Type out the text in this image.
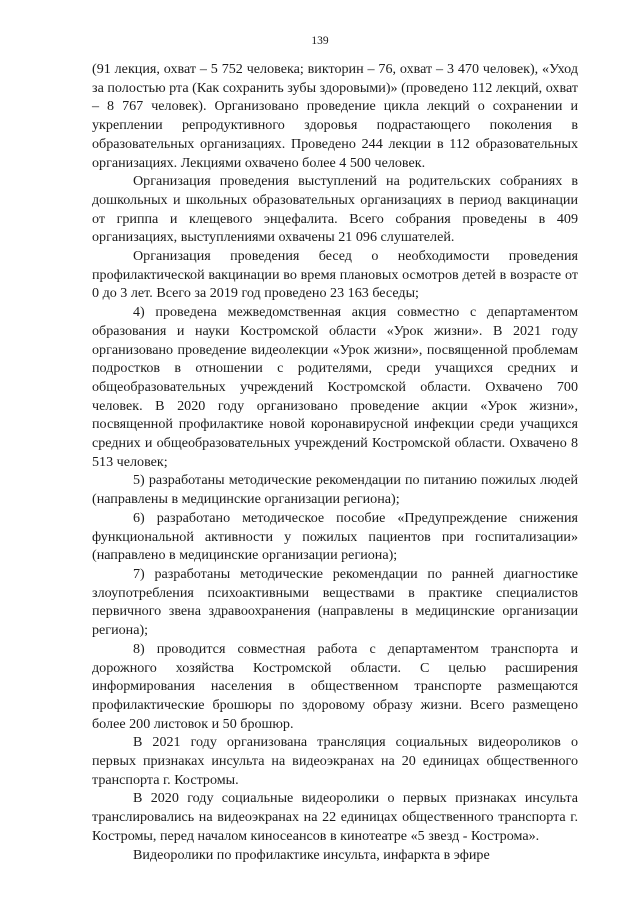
139

(91 лекция, охват – 5 752 человека; викторин – 76, охват – 3 470 человек), «Уход за полостью рта (Как сохранить зубы здоровыми)» (проведено 112 лекций, охват – 8 767 человек). Организовано проведение цикла лекций о сохранении и укреплении репродуктивного здоровья подрастающего поколения в образовательных организациях. Проведено 244 лекции в 112 образовательных организациях. Лекциями охвачено более 4 500 человек.

Организация проведения выступлений на родительских собраниях в дошкольных и школьных образовательных организациях в период вакцинации от гриппа и клещевого энцефалита. Всего собрания проведены в 409 организациях, выступлениями охвачены 21 096 слушателей.

Организация проведения бесед о необходимости проведения профилактической вакцинации во время плановых осмотров детей в возрасте от 0 до 3 лет. Всего за 2019 год проведено 23 163 беседы;

4) проведена межведомственная акция совместно с департаментом образования и науки Костромской области «Урок жизни». В 2021 году организовано проведение видеолекции «Урок жизни», посвященной проблемам подростков в отношении с родителями, среди учащихся средних и общеобразовательных учреждений Костромской области. Охвачено 700 человек. В 2020 году организовано проведение акции «Урок жизни», посвященной профилактике новой коронавирусной инфекции среди учащихся средних и общеобразовательных учреждений Костромской области. Охвачено 8 513 человек;

5) разработаны методические рекомендации по питанию пожилых людей (направлены в медицинские организации региона);

6) разработано методическое пособие «Предупреждение снижения функциональной активности у пожилых пациентов при госпитализации» (направлено в медицинские организации региона);

7) разработаны методические рекомендации по ранней диагностике злоупотребления психоактивными веществами в практике специалистов первичного звена здравоохранения (направлены в медицинские организации региона);

8) проводится совместная работа с департаментом транспорта и дорожного хозяйства Костромской области. С целью расширения информирования населения в общественном транспорте размещаются профилактические брошюры по здоровому образу жизни. Всего размещено более 200 листовок и 50 брошюр.

В 2021 году организована трансляция социальных видеороликов о первых признаках инсульта на видеоэкранах на 20 единицах общественного транспорта г. Костромы.

В 2020 году социальные видеоролики о первых признаках инсульта транслировались на видеоэкранах на 22 единицах общественного транспорта г. Костромы, перед началом киносеансов в кинотеатре «5 звезд - Кострома».

Видеоролики по профилактике инсульта, инфаркта в эфире
